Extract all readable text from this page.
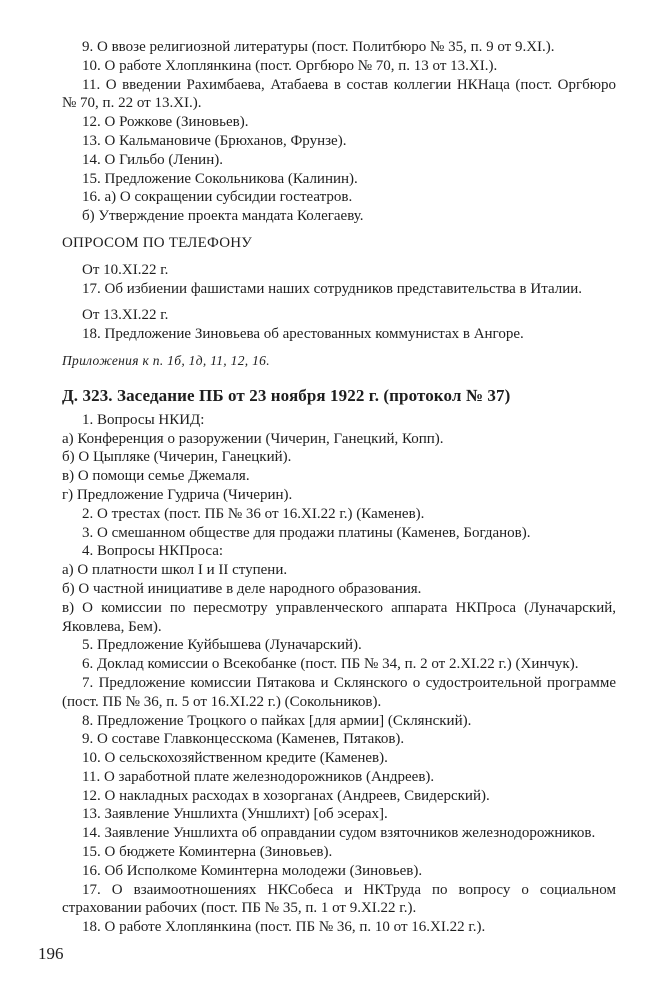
9. О ввозе религиозной литературы (пост. Политбюро № 35, п. 9 от 9.XI.).

10. О работе Хлоплянкина (пост. Оргбюро № 70, п. 13 от 13.XI.).

11. О введении Рахимбаева, Атабаева в состав коллегии НКНаца (пост. Оргбюро № 70, п. 22 от 13.XI.).

12. О Рожкове (Зиновьев).

13. О Кальмановиче (Брюханов, Фрунзе).

14. О Гильбо (Ленин).

15. Предложение Сокольникова (Калинин).

16. а) О сокращении субсидии гостеатров.

б) Утверждение проекта мандата Колегаеву.

ОПРОСОМ ПО ТЕЛЕФОНУ

От 10.XI.22 г.

17. Об избиении фашистами наших сотрудников представительства в Италии.

От 13.XI.22 г.

18. Предложение Зиновьева об арестованных коммунистах в Ангоре.

Приложения к п. 1б, 1д, 11, 12, 16.

Д. 323. Заседание ПБ от 23 ноября 1922 г. (протокол № 37)

1. Вопросы НКИД:

а) Конференция о разоружении (Чичерин, Ганецкий, Копп).

б) О Цыпляке (Чичерин, Ганецкий).

в) О помощи семье Джемаля.

г) Предложение Гудрича (Чичерин).

2. О трестах (пост. ПБ № 36 от 16.XI.22 г.) (Каменев).

3. О смешанном обществе для продажи платины (Каменев, Богданов).

4. Вопросы НКПроса:

а) О платности школ I и II ступени.

б) О частной инициативе в деле народного образования.

в) О комиссии по пересмотру управленческого аппарата НКПроса (Луначарский, Яковлева, Бем).

5. Предложение Куйбышева (Луначарский).

6. Доклад комиссии о Всекобанке (пост. ПБ № 34, п. 2 от 2.XI.22 г.) (Хинчук).

7. Предложение комиссии Пятакова и Склянского о судостроительной программе (пост. ПБ № 36, п. 5 от 16.XI.22 г.) (Сокольников).

8. Предложение Троцкого о пайках [для армии] (Склянский).

9. О составе Главконцесскома (Каменев, Пятаков).

10. О сельскохозяйственном кредите (Каменев).

11. О заработной плате железнодорожников (Андреев).

12. О накладных расходах в хозорганах (Андреев, Свидерский).

13. Заявление Уншлихта (Уншлихт) [об эсерах].

14. Заявление Уншлихта об оправдании судом взяточников железнодорожников.

15. О бюджете Коминтерна (Зиновьев).

16. Об Исполкоме Коминтерна молодежи (Зиновьев).

17. О взаимоотношениях НКСобеса и НКТруда по вопросу о социальном страховании рабочих (пост. ПБ № 35, п. 1 от 9.XI.22 г.).

18. О работе Хлоплянкина (пост. ПБ № 36, п. 10 от 16.XI.22 г.).

196
